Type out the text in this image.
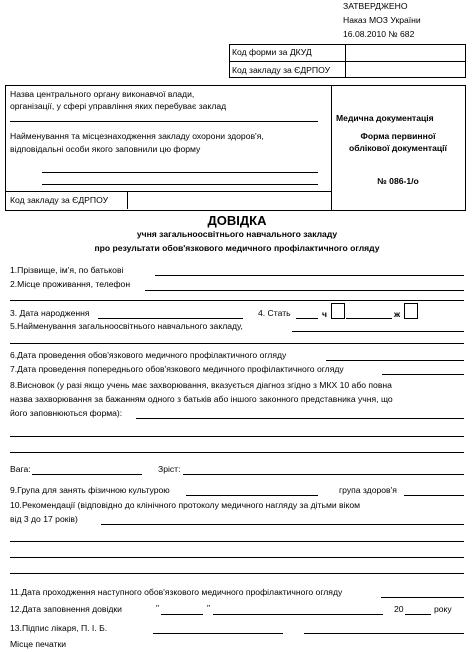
ЗАТВЕРДЖЕНО
Наказ МОЗ України
16.08.2010 № 682
Код форми за ДКУД
Код закладу за ЄДРПОУ
Назва центрального органу виконавчої влади,
організації, у сфері управління яких перебуває заклад
Найменування та місцезнаходження закладу охорони здоров'я,
відповідальні особи якого заповнили цю форму
Код закладу за ЄДРПОУ
Медична документація
Форма первинної
облікової документації
№ 086-1/о
ДОВІДКА
учня загальноосвітнього навчального закладу
про результати обов'язкового медичного профілактичного огляду
1.Прізвище, ім'я, по батькові
2.Місце проживання, телефон
3. Дата народження	4. Стать	ч	ж
5.Найменування загальноосвітнього навчального закладу,
6.Дата проведення обов'язкового медичного профілактичного огляду
7.Дата проведення попереднього обов'язкового медичного профілактичного огляду
8.Висновок (у разі якщо учень має захворювання, вказується діагноз згідно з МКХ 10 або повна
назва захворювання за бажанням одного з батьків або іншого законного представника учня, що
його заповнюються форма):
Вага:	Зріст:
9.Група для занять фізичною культурою	група здоров'я
10.Рекомендації (відповідно до клінічного протоколу медичного нагляду за дітьми віком
від 3 до 17 років)
11.Дата проходження наступного обов'язкового медичного профілактичного огляду
12.Дата заповнення довідки	"	"	20	року
13.Підпис лікаря, П. І. Б.
Місце печатки
